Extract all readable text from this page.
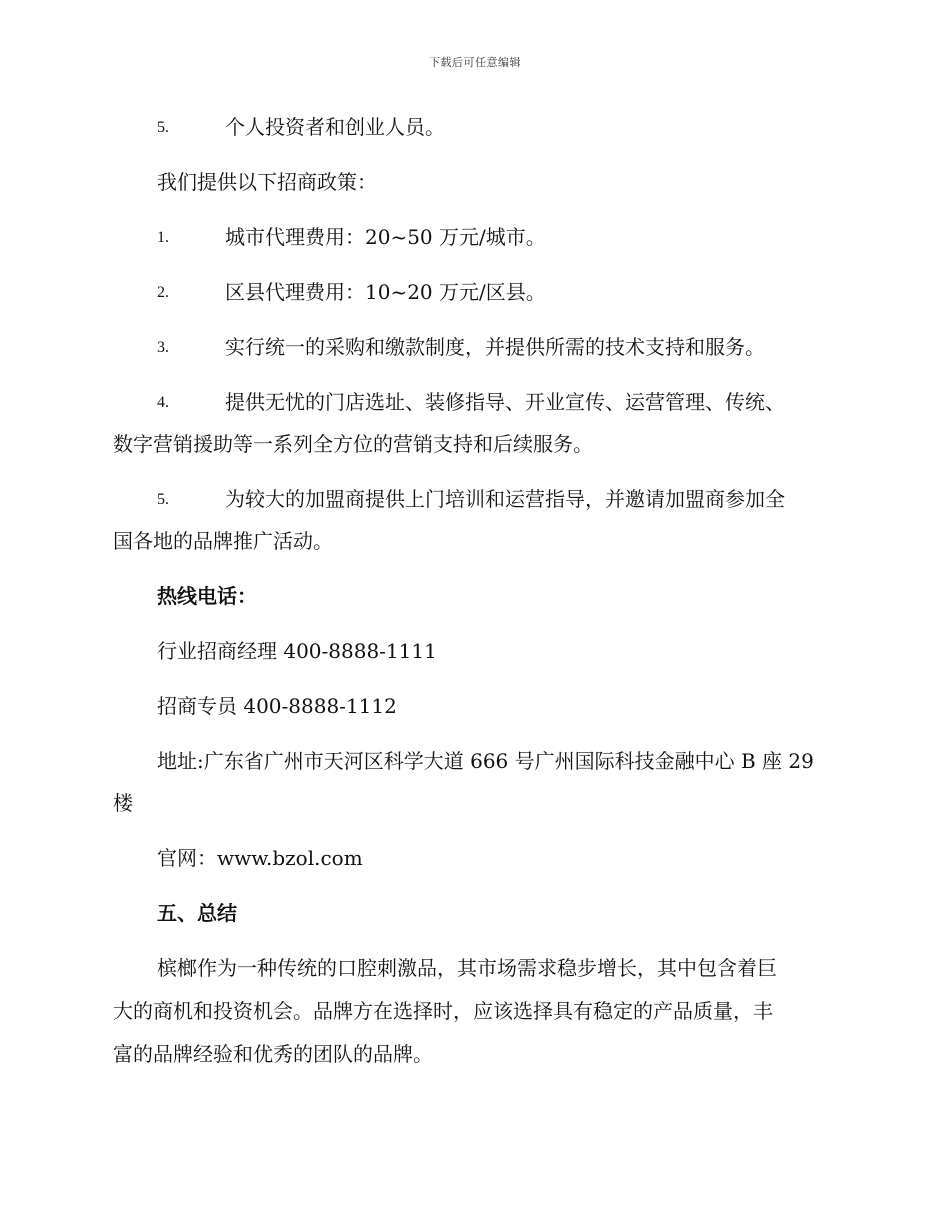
下载后可任意编辑
5.	个人投资者和创业人员。
我们提供以下招商政策：
1.	城市代理费用：20~50 万元/城市。
2.	区县代理费用：10~20 万元/区县。
3.	实行统一的采购和缴款制度，并提供所需的技术支持和服务。
4.	提供无忧的门店选址、装修指导、开业宣传、运营管理、传统、
数字营销援助等一系列全方位的营销支持和后续服务。
5.	为较大的加盟商提供上门培训和运营指导，并邀请加盟商参加全
国各地的品牌推广活动。
热线电话：
行业招商经理 400-8888-1111
招商专员 400-8888-1112
地址:广东省广州市天河区科学大道 666 号广州国际科技金融中心 B 座 29
楼
官网：www.bzol.com
五、总结
槟榔作为一种传统的口腔刺激品，其市场需求稳步增长，其中包含着巨
大的商机和投资机会。品牌方在选择时，应该选择具有稳定的产品质量，丰
富的品牌经验和优秀的团队的品牌。
